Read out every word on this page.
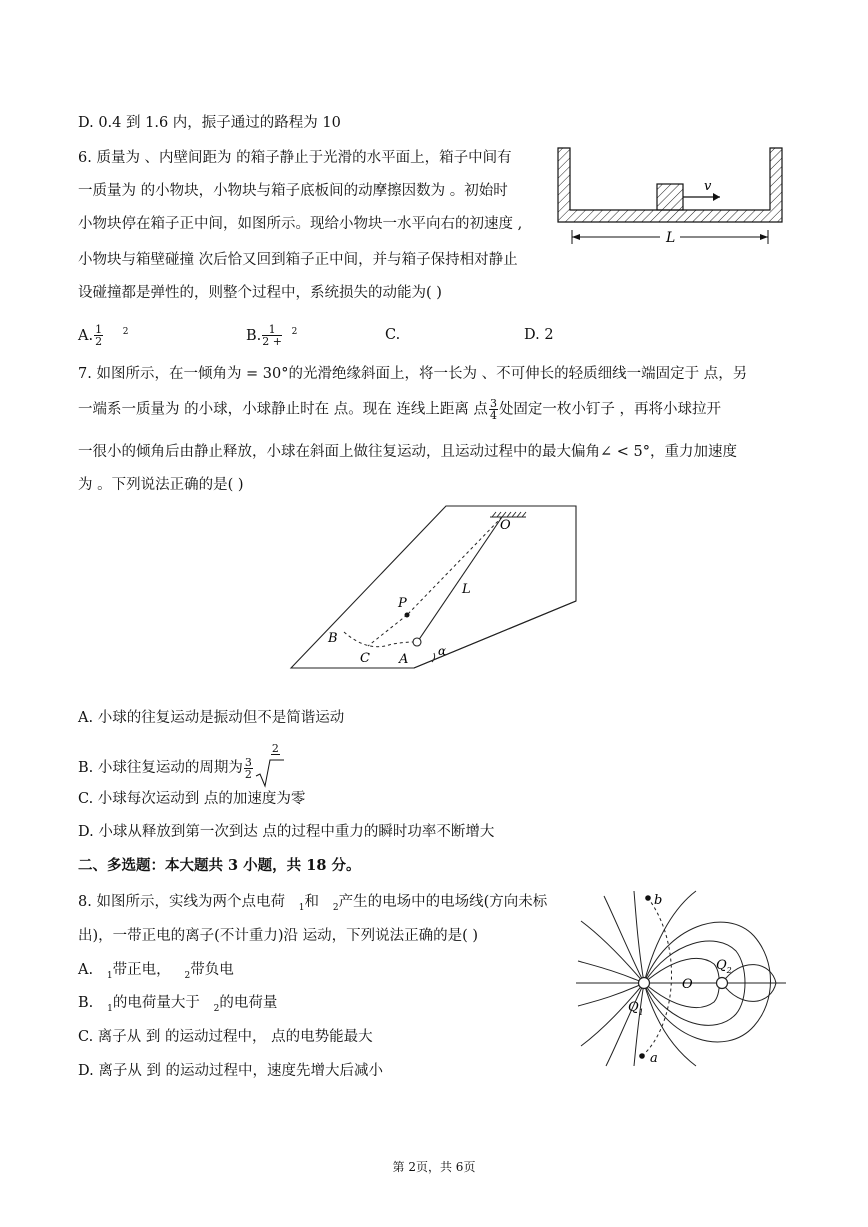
D. 0.4 到 1.6 内，振子通过的路程为 10
6. 质量为 、内壁间距为 的箱子静止于光滑的水平面上，箱子中间有
一质量为 的小物块，小物块与箱子底板间的动摩擦因数为 。初始时
小物块停在箱子正中间，如图所示。现给小物块一水平向右的初速度 ,
小物块与箱壁碰撞 次后恰又回到箱子正中间，并与箱子保持相对静止
设碰撞都是弹性的，则整个过程中，系统损失的动能为( )
A. $\frac{1}{2} ^2$	B. $\frac{1}{2 +} ^2$	C.	D. 2
v
L
7. 如图所示，在一倾角为 = 30°的光滑绝缘斜面上，将一长为 、不可伸长的轻质细线一端固定于 点，另
一端系一质量为 的小球，小球静止时在 点。现在 连线上距离 点 $\frac{3}{4}$ 处固定一枚小钉子 ，再将小球拉开
一很小的倾角后由静止释放，小球在斜面上做往复运动，且运动过程中的最大偏角∠ < 5°，重力加速度
为 。下列说法正确的是( )
O
L
P
B
C A
α
A. 小球的往复运动是振动但不是简谐运动
B. 小球往复运动的周期为 $\frac{3}{2}$
2

C. 小球每次运动到 点的加速度为零
D. 小球从释放到第一次到达 点的过程中重力的瞬时功率不断增大
二、多选题：本大题共 3 小题，共 18 分。
8. 如图所示，实线为两个点电荷 $_1$和 $_2$产生的电场中的电场线(方向未标
出)，一带正电的离子(不计重力)沿 运动，下列说法正确的是( )
A. $_1$带正电， $_2$带负电
B. $_1$的电荷量大于 $_2$的电荷量
C. 离子从 到 的运动过程中， 点的电势能最大
D. 离子从 到 的运动过程中，速度先增大后减小
b
a
O
$Q_1$
$Q_2$
第 2页，共 6页
